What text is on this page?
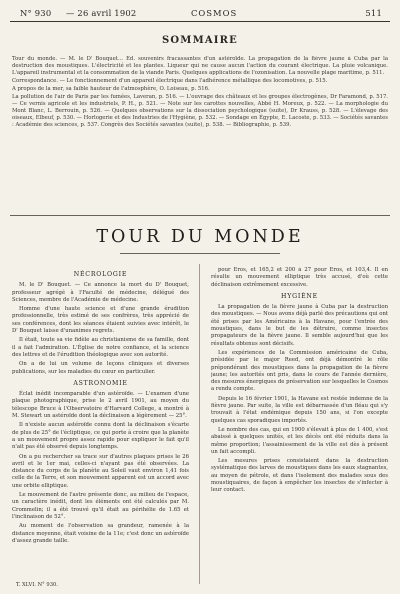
N° 930 — 26 avril 1902	COSMOS	511
SOMMAIRE

Tour du monde. — M. le D' Bouquet... Ed. souvenirs fracassantes d'un astéroïde. La propagation de la fièvre jaune à Cuba par la destruction des moustiques. L'électricité et les plantes. Liqueur qui ne cause aucun l'action du courant électrique. La pluie volcanique. L'appareil instrumental et la consommation de la viande Paris. Quelques applications de l'ozonisation. La nouvelle plage maritime, p. 511.

Correspondance. — Le fonctionnement d'un appareil électrique dans l'adhérence métallique des locomotives, p. 515.

A propos de la mer, sa faible hauteur de l'atmosphère, O. Loiseau, p. 516.

La pollution de l'air de Paris par les fumées, Laveran, p. 516. — L'ouvrage des châteaux et les groupes électrogènes, Dr Faramond, p. 517. — Ce vernis agricole et les industriels, P. H., p. 521. — Note sur les carottes nouvelles, Abbé H. Moreux, p. 522. — La morphologie du Mont Blanc, L. Berrouin, p. 526. — Quelques observations sur la dissociation psychologique (suite), Dr Krauss, p. 528. — L'élevage des oiseaux, Elbeuf, p. 530. — Horlogerie et des Industries de l'Hygiène, p. 532. — Sondage en Égypte, E. Lacoste, p. 533. — Sociétés savantes : Académie des sciences, p. 537. Congrès des Sociétés savantes (suite), p. 538. — Bibliographie, p. 539.

TOUR DU MONDE
NÉCROLOGIE

M. le D' Bouquet. — Ce annonce la mort du D' Bouquet, professeur agrégé à l'Faculté de médecine, délégué des Sciences, membre de l'Académie de médecine.

Homme d'une haute science et d'une grande érudition professionnelle, très estimé de ses confrères, très apprécié de ses conférences, dont les séances étaient suivies avec intérêt, le D' Bouquet laisse d'unanimes regrets.

Il était, toute sa vie fidèle au christianisme de sa famille, dont il a fait l'admiration. L'Église de notre confiance, et la science des lettres et de l'érudition théologique avec son autorité.

On a de lui un volume de leçons cliniques et diverses publications, sur les maladies du cœur en particulier.

ASTRONOMIE

Éclat inédit incomparable d'un astéroïde. — L'examen d'une plaque photographique, prise le 2 avril 1901, au moyen du télescope Bruce à l'Observatoire d'Harvard College, a montré à M. Stewart un astéroïde dont la déclinaison a légèrement — 25°.

Il n'existe aucun astéroïde connu dont la déclinaison s'écarte de plus de 25° de l'écliptique, ce qui porte à croire que la planète a un mouvement propre assez rapide pour expliquer le fait qu'il n'ait pas été observé depuis longtemps.

On a pu rechercher sa trace sur d'autres plaques prises le 26 avril et le 1er mai, celles-ci n'ayant pas été observées. La distance du corps de la planète au Soleil vaut environ 1,41 fois celle de la Terre, et son mouvement apparent est un accord avec une orbite elliptique.

Le mouvement de l'astre présente donc, au milieu de l'espace, un caractère inédit, dont les éléments ont été calculés par M. Crommelin; il a été trouvé qu'il était au périhélie de 1.65 et l'inclinaison de 52°.

Au moment de l'observation sa grandeur, ramenée à la distance moyenne, était voisine de la 11e; c'est donc un astéroïde d'assez grande taille.

pour Éros, et 165,2 et 200 à 27 pour Éros, et 103,4. Il en résulte un mouvement elliptique très accusé, d'où cette déclinaison extrêmement excessive.

HYGIÈNE

La propagation de la fièvre jaune à Cuba par la destruction des moustiques. — Nous avons déjà parlé des précautions qui ont été prises par les Américains à la Havane, pour l'entrée des moustiques, dans le but de les détruire, comme insectes propagateurs de la fièvre jaune. Il semble aujourd'hui que les résultats obtenus sont décisifs.

Les expériences de la Commission américaine de Cuba, présidée par le major Reed, ont déjà démontré le rôle prépondérant des moustiques dans la propagation de la fièvre jaune; les autorités ont pris, dans le cours de l'année dernière, des mesures énergiques de préservation sur lesquelles le Cosmos a rendu compte.

Depuis le 16 février 1901, la Havane est restée indemne de la fièvre jaune. Par suite, la ville est débarrassée d'un fléau qui s'y trouvait à l'état endémique depuis 150 ans, si l'on excepte quelques cas sporadiques importés.

Le nombre des cas, qui en 1900 s'élevait à plus de 1 400, s'est abaissé à quelques unités, et les décès ont été réduits dans la même proportion; l'assainissement de la ville est dès à présent un fait accompli.

Les mesures prises consistaient dans la destruction systématique des larves de moustiques dans les eaux stagnantes, au moyen de pétrole, et dans l'isolement des malades sous des moustiquaires, de façon à empêcher les insectes de s'infecter à leur contact.

T. XLVI. N° 930.
